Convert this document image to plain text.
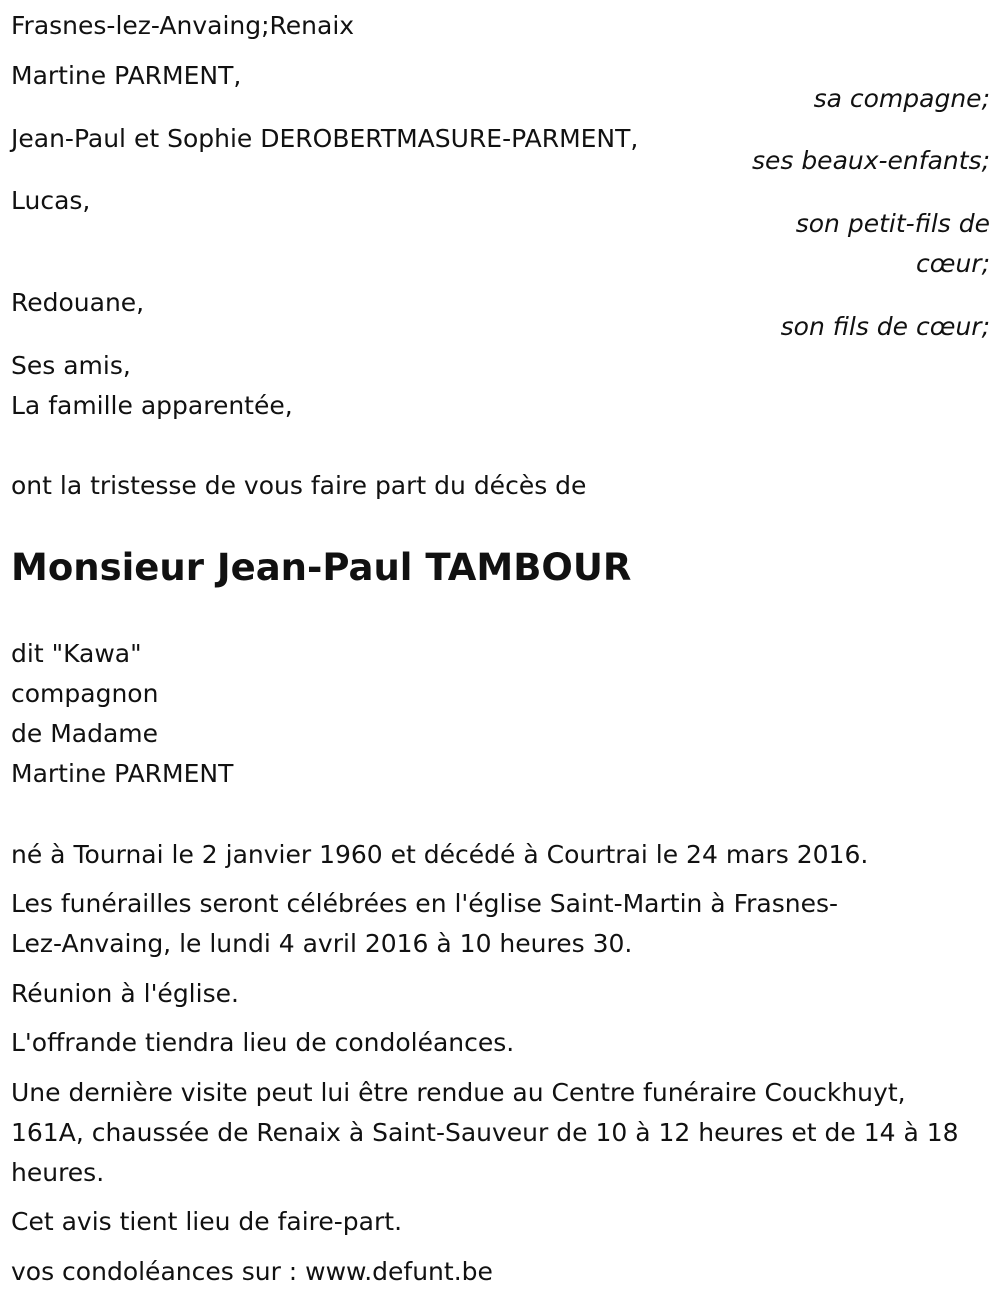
Frasnes-lez-Anvaing;Renaix

Martine PARMENT,

sa compagne;

Jean-Paul et Sophie DEROBERTMASURE-PARMENT,

ses beaux-enfants;

Lucas,

son petit-fils de

cœur;

Redouane,

son fils de cœur;

Ses amis,

La famille apparentée,

ont la tristesse de vous faire part du décès de

Monsieur Jean-Paul TAMBOUR
dit "Kawa"
compagnon
de Madame
Martine PARMENT

né à Tournai le 2 janvier 1960 et décédé à Courtrai le 24 mars 2016.

Les funérailles seront célébrées en l'église Saint-Martin à Frasnes-
Lez-Anvaing, le lundi 4 avril 2016 à 10 heures 30.

Réunion à l'église.

L'offrande tiendra lieu de condoléances.

Une dernière visite peut lui être rendue au Centre funéraire Couckhuyt,
161A, chaussée de Renaix à Saint-Sauveur de 10 à 12 heures et de 14 à 18
heures.

Cet avis tient lieu de faire-part.

vos condoléances sur : www.defunt.be
